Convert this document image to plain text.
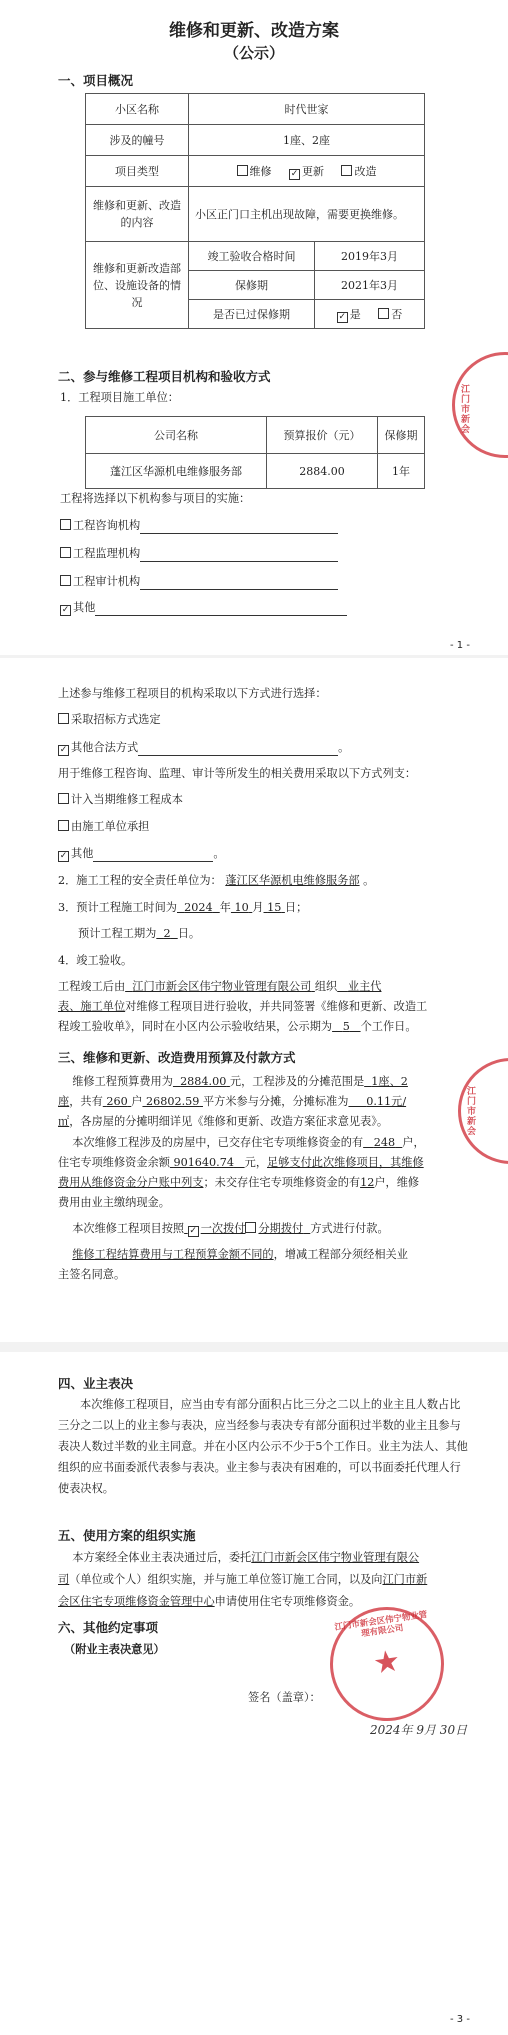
维修和更新、改造方案
（公示）
一、项目概况
小区名称	时代世家	
涉及的幢号	1座、2座	
项目类型	维修 ✓ 更新 改造	
维修和更新、改造的内容	小区正门口主机出现故障，需要更换维修。	
维修和更新改造部位、设施设备的情况	竣工验收合格时间	2019年3月
	保修期	2021年3月
	是否已过保修期	✓ 是 否
二、参与维修工程项目机构和验收方式
1．工程项目施工单位：
公司名称	预算报价（元）	保修期
蓬江区华源机电维修服务部	2884.00	1年
工程将选择以下机构参与项目的实施：
工程咨询机构
工程监理机构
工程审计机构
✓ 其他
- 1 -
江门市新会
上述参与维修工程项目的机构采取以下方式进行选择：
采取招标方式选定
✓ 其他合法方式	。
用于维修工程咨询、监理、审计等所发生的相关费用采取以下方式列支：
计入当期维修工程成本
由施工单位承担
✓ 其他	。
2．施工工程的安全责任单位为： 蓬江区华源机电维修服务部 。
3．预计工程施工时间为 2024 年 10 月 15 日；
预计工程工期为 2 日。
4．竣工验收。
工程竣工后由 江门市新会区伟宁物业管理有限公司 组织 业主代
表、施工单位对维修工程项目进行验收，并共同签署《维修和更新、改造工
程竣工验收单》，同时在小区内公示验收结果，公示期为 5 个工作日。
三、维修和更新、改造费用预算及付款方式
维修工程预算费用为 2884.00 元，工程涉及的分摊范围是 1座、2
座，共有 260 户 26802.59 平方米参与分摊，分摊标准为 0.11元/
㎡，各房屋的分摊明细详见《维修和更新、改造方案征求意见表》。
本次维修工程涉及的房屋中，已交存住宅专项维修资金的有 248 户，
住宅专项维修资金余额 901640.74 元，足够支付此次维修项目，其维修
费用从维修资金分户账中列支；未交存住宅专项维修资金的有12户，维修
费用由业主缴纳现金。
本次维修工程项目按照 ✓ 一次拨付 分期拨付 方式进行付款。
维修工程结算费用与工程预算金额不同的，增减工程部分须经相关业
主签名同意。
江门市新会
四、业主表决
本次维修工程项目，应当由专有部分面积占比三分之二以上的业主且人数占比三分之二以上的业主参与表决，应当经参与表决专有部分面积过半数的业主且参与表决人数过半数的业主同意。并在小区内公示不少于5个工作日。业主为法人、其他组织的应书面委派代表参与表决。业主参与表决有困难的，可以书面委托代理人行使表决权。
五、使用方案的组织实施
本方案经全体业主表决通过后，委托江门市新会区伟宁物业管理有限公
司（单位或个人）组织实施，并与施工单位签订施工合同，以及向江门市新
会区住宅专项维修资金管理中心申请使用住宅专项维修资金。
六、其他约定事项
（附业主表决意见）
签名（盖章）：
2024年 9月 30日
★
江门市新会区伟宁物业管理有限公司
- 3 -
